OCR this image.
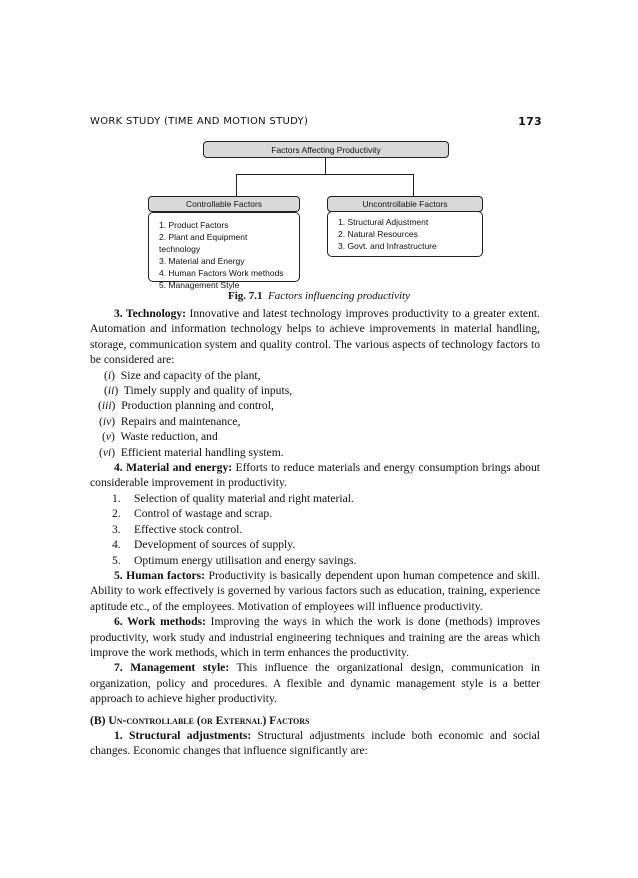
WORK STUDY (TIME AND MOTION STUDY)	173
Factors Affecting Productivity
Controllable Factors
1. Product Factors
2. Plant and Equipment technology
3. Material and Energy
4. Human Factors Work methods
5. Management Style
Uncontrollable Factors
1. Structural Adjustment
2. Natural Resources
3. Govt. and Infrastructure
Fig. 7.1 Factors influencing productivity

3. Technology: Innovative and latest technology improves productivity to a greater extent. Automation and information technology helps to achieve improvements in material handling, storage, communication system and quality control. The various aspects of technology factors to be considered are:

(i)  Size and capacity of the plant,
(ii)  Timely supply and quality of inputs,
(iii)  Production planning and control,
(iv)  Repairs and maintenance,
(v)  Waste reduction, and
(vi)  Efficient material handling system.

4. Material and energy: Efforts to reduce materials and energy consumption brings about considerable improvement in productivity.

1. Selection of quality material and right material.
2. Control of wastage and scrap.
3. Effective stock control.
4. Development of sources of supply.
5. Optimum energy utilisation and energy savings.

5. Human factors: Productivity is basically dependent upon human competence and skill. Ability to work effectively is governed by various factors such as education, training, experience aptitude etc., of the employees. Motivation of employees will influence productivity.

6. Work methods: Improving the ways in which the work is done (methods) improves productivity, work study and industrial engineering techniques and training are the areas which improve the work methods, which in term enhances the productivity.

7. Management style: This influence the organizational design, communication in organization, policy and procedures. A flexible and dynamic management style is a better approach to achieve higher productivity.

(B) Un-controllable (or External) Factors

1. Structural adjustments: Structural adjustments include both economic and social changes. Economic changes that influence significantly are:
